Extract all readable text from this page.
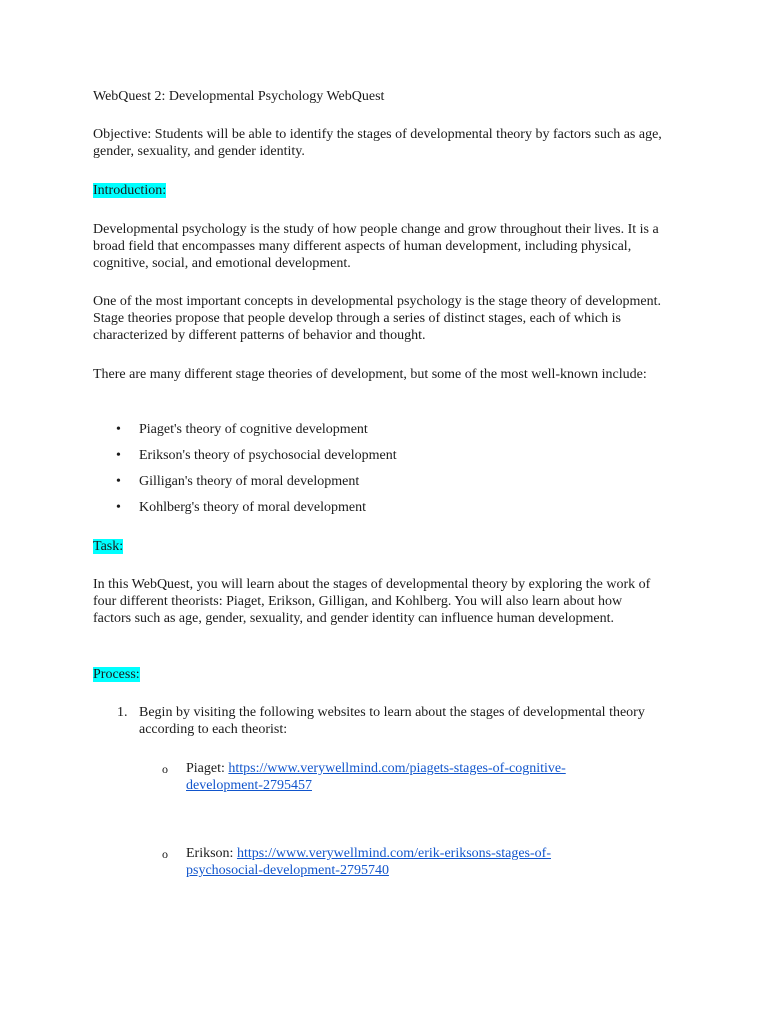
WebQuest 2: Developmental Psychology WebQuest

Objective: Students will be able to identify the stages of developmental theory by factors such as age, gender, sexuality, and gender identity.

Introduction:

Developmental psychology is the study of how people change and grow throughout their lives. It is a broad field that encompasses many different aspects of human development, including physical, cognitive, social, and emotional development.

One of the most important concepts in developmental psychology is the stage theory of development. Stage theories propose that people develop through a series of distinct stages, each of which is characterized by different patterns of behavior and thought.

There are many different stage theories of development, but some of the most well-known include:

• Piaget's theory of cognitive development
• Erikson's theory of psychosocial development
• Gilligan's theory of moral development
• Kohlberg's theory of moral development

Task:

In this WebQuest, you will learn about the stages of developmental theory by exploring the work of four different theorists: Piaget, Erikson, Gilligan, and Kohlberg. You will also learn about how factors such as age, gender, sexuality, and gender identity can influence human development.

Process:

1. Begin by visiting the following websites to learn about the stages of developmental theory according to each theorist:
o Piaget: https://www.verywellmind.com/piagets-stages-of-cognitive-development-2795457
o Erikson: https://www.verywellmind.com/erik-eriksons-stages-of-psychosocial-development-2795740
